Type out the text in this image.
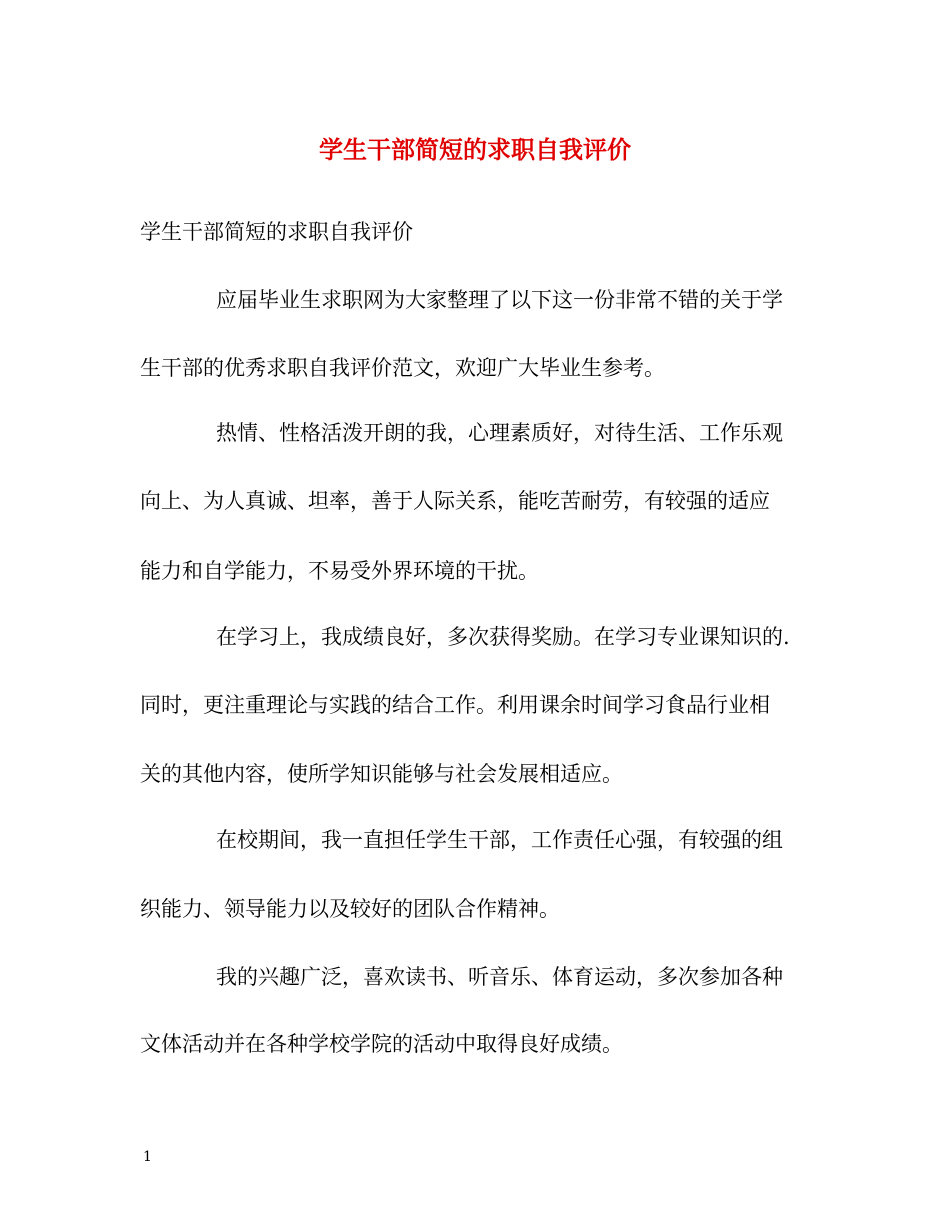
学生干部简短的求职自我评价
学生干部简短的求职自我评价
应届毕业生求职网为大家整理了以下这一份非常不错的关于学
生干部的优秀求职自我评价范文，欢迎广大毕业生参考。
热情、性格活泼开朗的我，心理素质好，对待生活、工作乐观
向上、为人真诚、坦率，善于人际关系，能吃苦耐劳，有较强的适应
能力和自学能力，不易受外界环境的干扰。
在学习上，我成绩良好，多次获得奖励。在学习专业课知识的.
同时，更注重理论与实践的结合工作。利用课余时间学习食品行业相
关的其他内容，使所学知识能够与社会发展相适应。
在校期间，我一直担任学生干部，工作责任心强，有较强的组
织能力、领导能力以及较好的团队合作精神。
我的兴趣广泛，喜欢读书、听音乐、体育运动，多次参加各种
文体活动并在各种学校学院的活动中取得良好成绩。
1
